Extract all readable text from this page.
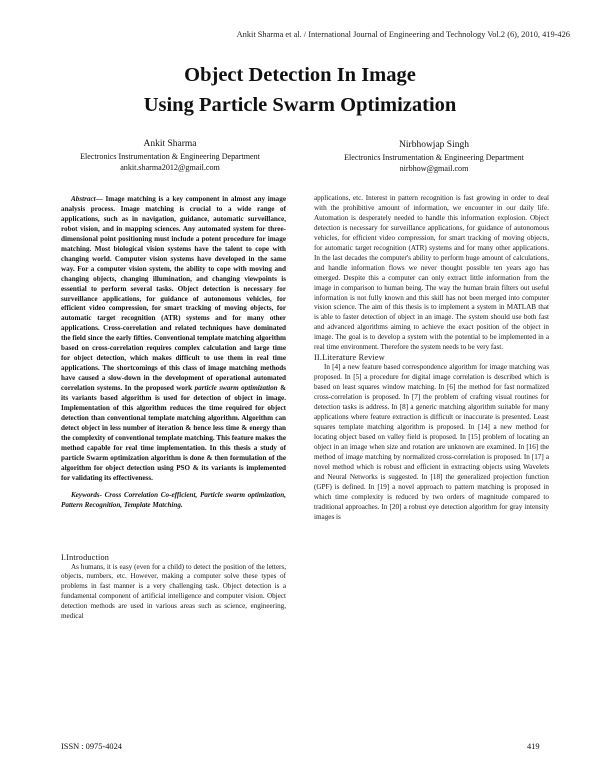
Ankit Sharma et al. / International Journal of Engineering and Technology Vol.2 (6), 2010, 419-426
Object Detection In Image
Using Particle Swarm Optimization
Ankit Sharma
Electronics Instrumentation & Engineering Department
ankit.sharma2012@gmail.com
Nirbhowjap Singh
Electronics Instrumentation & Engineering Department
nirbhow@gmail.com

Abstract— Image matching is a key component in almost any image analysis process. Image matching is crucial to a wide range of applications, such as in navigation, guidance, automatic surveillance, robot vision, and in mapping sciences. Any automated system for three-dimensional point positioning must include a potent procedure for image matching. Most biological vision systems have the talent to cope with changing world. Computer vision systems have developed in the same way. For a computer vision system, the ability to cope with moving and changing objects, changing illumination, and changing viewpoints is essential to perform several tasks. Object detection is necessary for surveillance applications, for guidance of autonomous vehicles, for efficient video compression, for smart tracking of moving objects, for automatic target recognition (ATR) systems and for many other applications. Cross-correlation and related techniques have dominated the field since the early fifties. Conventional template matching algorithm based on cross-correlation requires complex calculation and large time for object detection, which makes difficult to use them in real time applications. The shortcomings of this class of image matching methods have caused a slow-down in the development of operational automated correlation systems. In the proposed work particle swarm optimization & its variants based algorithm is used for detection of object in image. Implementation of this algorithm reduces the time required for object detection than conventional template matching algorithm. Algorithm can detect object in less number of iteration & hence less time & energy than the complexity of conventional template matching. This feature makes the method capable for real time implementation. In this thesis a study of particle Swarm optimization algorithm is done & then formulation of the algorithm for object detection using PSO & its variants is implemented for validating its effectiveness.

Keywords- Cross Correlation Co-efficient, Particle swarm optimization, Pattern Recognition, Template Matching.

I.Introduction

As humans, it is easy (even for a child) to detect the position of the letters, objects, numbers, etc. However, making a computer solve these types of problems in fast manner is a very challenging task. Object detection is a fundamental component of artificial intelligence and computer vision. Object detection methods are used in various areas such as science, engineering, medical

applications, etc. Interest in pattern recognition is fast growing in order to deal with the prohibitive amount of information, we encounter in our daily life. Automation is desperately needed to handle this information explosion. Object detection is necessary for surveillance applications, for guidance of autonomous vehicles, for efficient video compression, for smart tracking of moving objects, for automatic target recognition (ATR) systems and for many other applications. In the last decades the computer's ability to perform huge amount of calculations, and handle information flows we never thought possible ten years ago has emerged. Despite this a computer can only extract little information from the image in comparison to human being. The way the human brain filters out useful information is not fully known and this skill has not been merged into computer vision science. The aim of this thesis is to implement a system in MATLAB that is able to faster detection of object in an image. The system should use both fast and advanced algorithms aiming to achieve the exact position of the object in image. The goal is to develop a system with the potential to be implemented in a real time environment. Therefore the system needs to be very fast.

II.Literature Review

In [4] a new feature based correspondence algorithm for image matching was proposed. In [5] a procedure for digital image correlation is described which is based on least squares window matching. In [6] the method for fast normalized cross-correlation is proposed. In [7] the problem of crafting visual routines for detection tasks is address. In [8] a generic matching algorithm suitable for many applications where feature extraction is difficult or inaccurate is presented. Least squares template matching algorithm is proposed. In [14] a new method for locating object based on valley field is proposed. In [15] problem of locating an object in an image when size and rotation are unknown are examined. In [16] the method of image matching by normalized cross-correlation is proposed. In [17] a novel method which is robust and efficient in extracting objects using Wavelets and Neural Networks is suggested. In [18] the generalized projection function (GPF) is defined. In [19] a novel approach to pattern matching is proposed in which time complexity is reduced by two orders of magnitude compared to traditional approaches. In [20] a robust eye detection algorithm for gray intensity images is

ISSN : 0975-4024	419
